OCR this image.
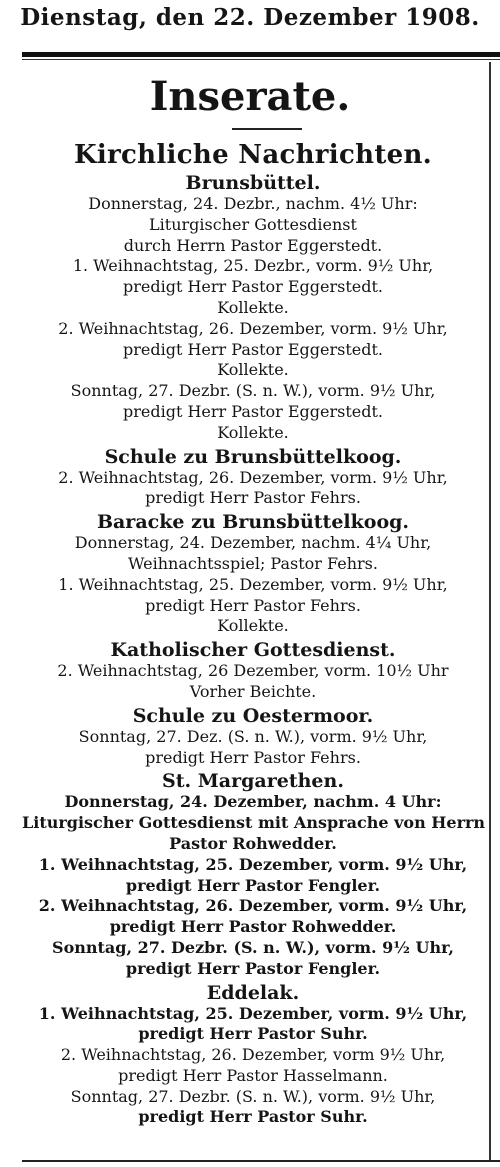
Dienstag, den 22. Dezember 1908.
Inserate.
Kirchliche Nachrichten.
Brunsbüttel.
Donnerstag, 24. Dezbr., nachm. 4½ Uhr:
Liturgischer Gottesdienst
durch Herrn Pastor Eggerstedt.
1. Weihnachtstag, 25. Dezbr., vorm. 9½ Uhr,
predigt Herr Pastor Eggerstedt.
Kollekte.
2. Weihnachtstag, 26. Dezember, vorm. 9½ Uhr,
predigt Herr Pastor Eggerstedt.
Kollekte.
Sonntag, 27. Dezbr. (S. n. W.), vorm. 9½ Uhr,
predigt Herr Pastor Eggerstedt.
Kollekte.
Schule zu Brunsbüttelkoog.
2. Weihnachtstag, 26. Dezember, vorm. 9½ Uhr,
predigt Herr Pastor Fehrs.
Baracke zu Brunsbüttelkoog.
Donnerstag, 24. Dezember, nachm. 4¼ Uhr,
Weihnachtsspiel; Pastor Fehrs.
1. Weihnachtstag, 25. Dezember, vorm. 9½ Uhr,
predigt Herr Pastor Fehrs.
Kollekte.
Katholischer Gottesdienst.
2. Weihnachtstag, 26 Dezember, vorm. 10½ Uhr
Vorher Beichte.
Schule zu Oestermoor.
Sonntag, 27. Dez. (S. n. W.), vorm. 9½ Uhr,
predigt Herr Pastor Fehrs.
St. Margarethen.
Donnerstag, 24. Dezember, nachm. 4 Uhr:
Liturgischer Gottesdienst mit Ansprache von Herrn
Pastor Rohwedder.
1. Weihnachtstag, 25. Dezember, vorm. 9½ Uhr,
predigt Herr Pastor Fengler.
2. Weihnachtstag, 26. Dezember, vorm. 9½ Uhr,
predigt Herr Pastor Rohwedder.
Sonntag, 27. Dezbr. (S. n. W.), vorm. 9½ Uhr,
predigt Herr Pastor Fengler.
Eddelak.
1. Weihnachtstag, 25. Dezember, vorm. 9½ Uhr,
predigt Herr Pastor Suhr.
2. Weihnachtstag, 26. Dezember, vorm 9½ Uhr,
predigt Herr Pastor Hasselmann.
Sonntag, 27. Dezbr. (S. n. W.), vorm. 9½ Uhr,
predigt Herr Pastor Suhr.
